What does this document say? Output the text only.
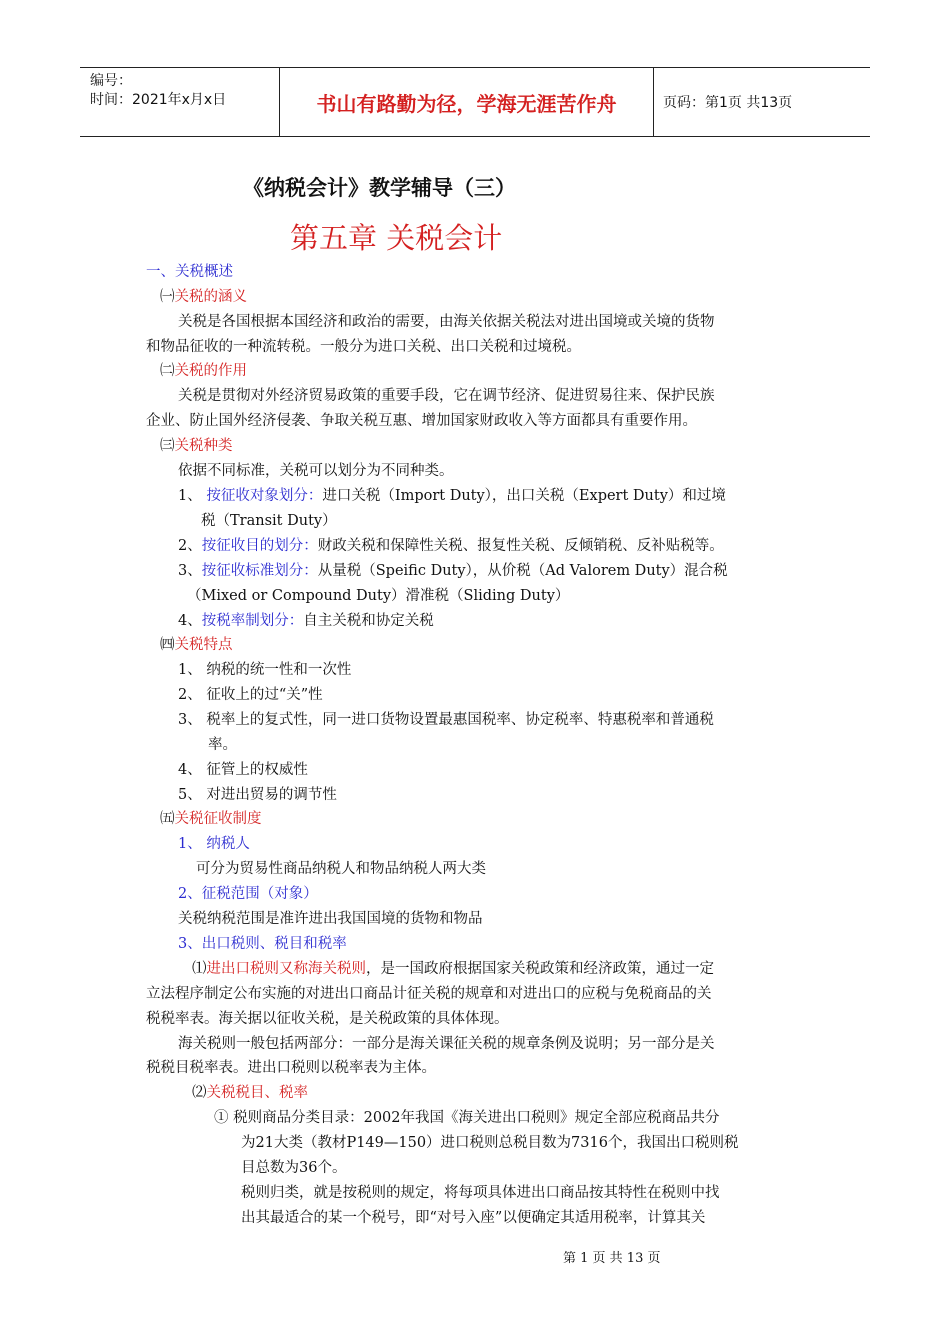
编号：
时间：2021年x月x日	书山有路勤为径，学海无涯苦作舟	页码：第1页 共13页
《纳税会计》教学辅导（三）
第五章 关税会计
一、关税概述
㈠关税的涵义
关税是各国根据本国经济和政治的需要，由海关依据关税法对进出国境或关境的货物
和物品征收的一种流转税。一般分为进口关税、出口关税和过境税。
㈡关税的作用
关税是贯彻对外经济贸易政策的重要手段，它在调节经济、促进贸易往来、保护民族
企业、防止国外经济侵袭、争取关税互惠、增加国家财政收入等方面都具有重要作用。
㈢关税种类
依据不同标准，关税可以划分为不同种类。
1、 按征收对象划分：进口关税（Import Duty），出口关税（Expert Duty）和过境
税（Transit Duty）
2、按征收目的划分：财政关税和保障性关税、报复性关税、反倾销税、反补贴税等。
3、按征收标准划分：从量税（Speific Duty），从价税（Ad Valorem Duty）混合税
（Mixed or Compound Duty）滑准税（Sliding Duty）
4、按税率制划分：自主关税和协定关税
㈣关税特点
1、 纳税的统一性和一次性
2、 征收上的过“关”性
3、 税率上的复式性，同一进口货物设置最惠国税率、协定税率、特惠税率和普通税
率。
4、 征管上的权威性
5、 对进出贸易的调节性
㈤关税征收制度
1、 纳税人
可分为贸易性商品纳税人和物品纳税人两大类
2、征税范围（对象）
关税纳税范围是准许进出我国国境的货物和物品
3、出口税则、税目和税率
⑴进出口税则又称海关税则，是一国政府根据国家关税政策和经济政策，通过一定
立法程序制定公布实施的对进出口商品计征关税的规章和对进出口的应税与免税商品的关
税税率表。海关据以征收关税，是关税政策的具体体现。
海关税则一般包括两部分：一部分是海关课征关税的规章条例及说明；另一部分是关
税税目税率表。进出口税则以税率表为主体。
⑵关税税目、税率
① 税则商品分类目录：2002年我国《海关进出口税则》规定全部应税商品共分
为21大类（教材P149—150）进口税则总税目数为7316个，我国出口税则税
目总数为36个。
税则归类，就是按税则的规定，将每项具体进出口商品按其特性在税则中找
出其最适合的某一个税号，即“对号入座”以便确定其适用税率，计算其关
第 1 页 共 13 页
